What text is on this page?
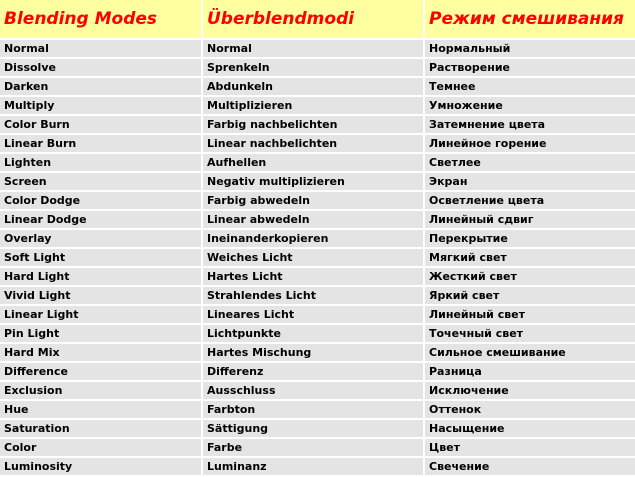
Blending Modes	Überblendmodi	Режим смешивания
Normal	Normal	Нормальный
Dissolve	Sprenkeln	Растворение
Darken	Abdunkeln	Темнее
Multiply	Multiplizieren	Умножение
Color Burn	Farbig nachbelichten	Затемнение цвета
Linear Burn	Linear nachbelichten	Линейное горение
Lighten	Aufhellen	Светлее
Screen	Negativ multiplizieren	Экран
Color Dodge	Farbig abwedeln	Осветление цвета
Linear Dodge	Linear abwedeln	Линейный сдвиг
Overlay	Ineinanderkopieren	Перекрытие
Soft Light	Weiches Licht	Мягкий свет
Hard Light	Hartes Licht	Жесткий свет
Vivid Light	Strahlendes Licht	Яркий свет
Linear Light	Lineares Licht	Линейный свет
Pin Light	Lichtpunkte	Точечный свет
Hard Mix	Hartes Mischung	Сильное смешивание
Difference	Differenz	Разница
Exclusion	Ausschluss	Исключение
Hue	Farbton	Оттенок
Saturation	Sättigung	Насыщение
Color	Farbe	Цвет
Luminosity	Luminanz	Свечение
